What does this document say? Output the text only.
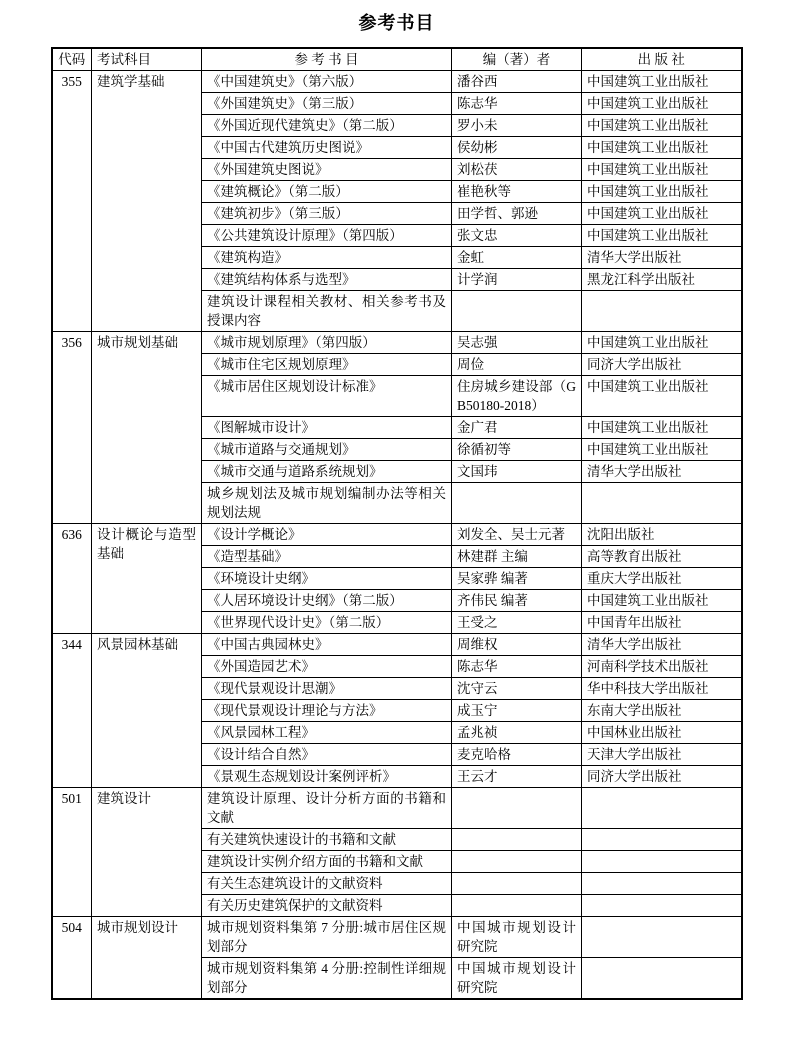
参考书目
代码	考试科目	参 考 书 目	编（著）者	出 版 社
355	建筑学基础	《中国建筑史》（第六版）	潘谷西	中国建筑工业出版社
		《外国建筑史》（第三版）	陈志华	中国建筑工业出版社
		《外国近现代建筑史》（第二版）	罗小未	中国建筑工业出版社
		《中国古代建筑历史图说》	侯幼彬	中国建筑工业出版社
		《外国建筑史图说》	刘松茯	中国建筑工业出版社
		《建筑概论》（第二版）	崔艳秋等	中国建筑工业出版社
		《建筑初步》（第三版）	田学哲、郭逊	中国建筑工业出版社
		《公共建筑设计原理》（第四版）	张文忠	中国建筑工业出版社
		《建筑构造》	金虹	清华大学出版社
		《建筑结构体系与选型》	计学润	黑龙江科学出版社
		建筑设计课程相关教材、相关参考书及授课内容		
356	城市规划基础	《城市规划原理》（第四版）	吴志强	中国建筑工业出版社
		《城市住宅区规划原理》	周俭	同济大学出版社
		《城市居住区规划设计标准》	住房城乡建设部（GB50180-2018）	中国建筑工业出版社
		《图解城市设计》	金广君	中国建筑工业出版社
		《城市道路与交通规划》	徐循初等	中国建筑工业出版社
		《城市交通与道路系统规划》	文国玮	清华大学出版社
		城乡规划法及城市规划编制办法等相关规划法规		
636	设计概论与造型基础	《设计学概论》	刘发全、吴士元著	沈阳出版社
		《造型基础》	林建群 主编	高等教育出版社
		《环境设计史纲》	吴家骅 编著	重庆大学出版社
		《人居环境设计史纲》（第二版）	齐伟民 编著	中国建筑工业出版社
		《世界现代设计史》（第二版）	王受之	中国青年出版社
344	风景园林基础	《中国古典园林史》	周维权	清华大学出版社
		《外国造园艺术》	陈志华	河南科学技术出版社
		《现代景观设计思潮》	沈守云	华中科技大学出版社
		《现代景观设计理论与方法》	成玉宁	东南大学出版社
		《风景园林工程》	孟兆祯	中国林业出版社
		《设计结合自然》	麦克哈格	天津大学出版社
		《景观生态规划设计案例评析》	王云才	同济大学出版社
501	建筑设计	建筑设计原理、设计分析方面的书籍和文献		
		有关建筑快速设计的书籍和文献		
		建筑设计实例介绍方面的书籍和文献		
		有关生态建筑设计的文献资料		
		有关历史建筑保护的文献资料		
504	城市规划设计	城市规划资料集第 7 分册:城市居住区规划部分	中国城市规划设计研究院	
		城市规划资料集第 4 分册:控制性详细规划部分	中国城市规划设计研究院	
